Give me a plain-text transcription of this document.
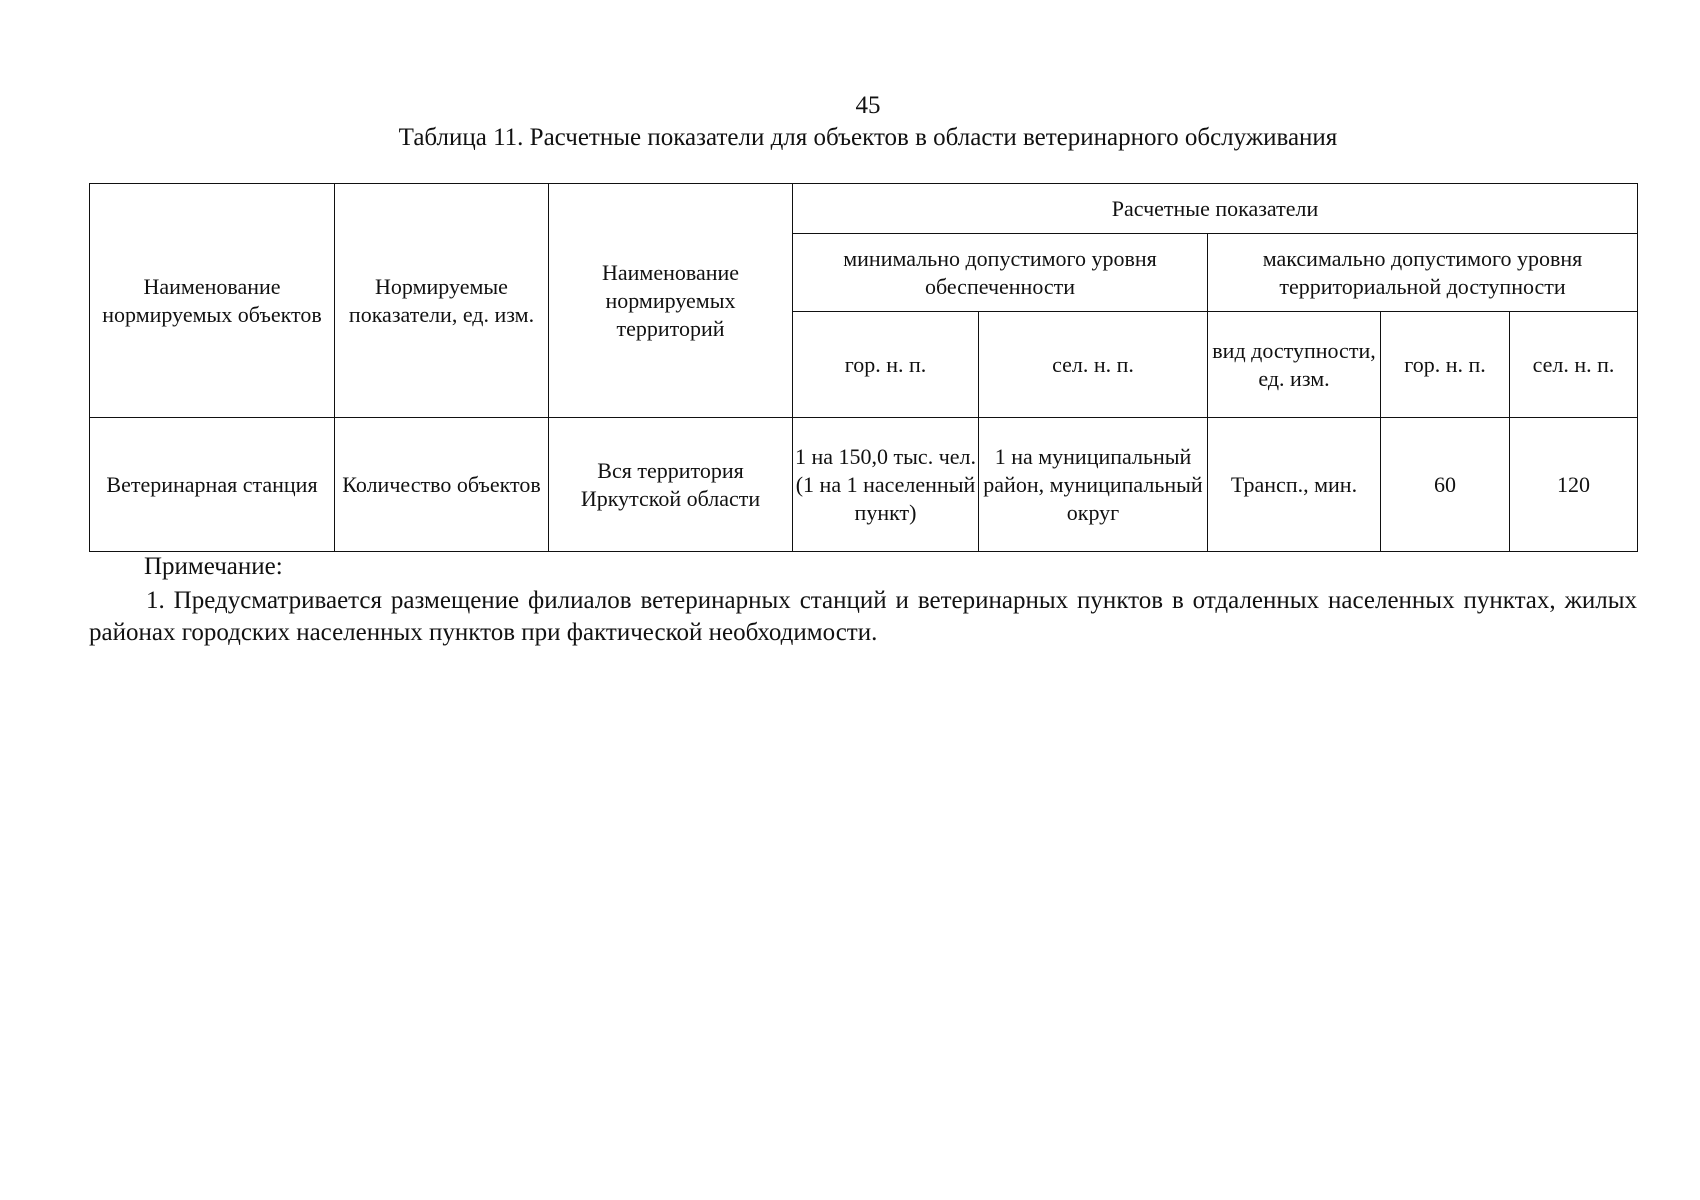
45
Таблица 11. Расчетные показатели для объектов в области ветеринарного обслуживания
Наименование нормируемых объектов	Нормируемые показатели, ед. изм.	Наименование нормируемых территорий	Расчетные показатели				
			минимально допустимого уровня обеспеченности		максимально допустимого уровня территориальной доступности		
			гор. н. п.	сел. н. п.	вид доступности, ед. изм.	гор. н. п.	сел. н. п.
Ветеринарная станция	Количество объектов	Вся территория Иркутской области	1 на 150,0 тыс. чел. (1 на 1 населенный пункт)	1 на муниципальный район, муниципальный округ	Трансп., мин.	60	120
Примечание:
1. Предусматривается размещение филиалов ветеринарных станций и ветеринарных пунктов в отдаленных населенных пунктах, жилых районах городских населенных пунктов при фактической необходимости.
